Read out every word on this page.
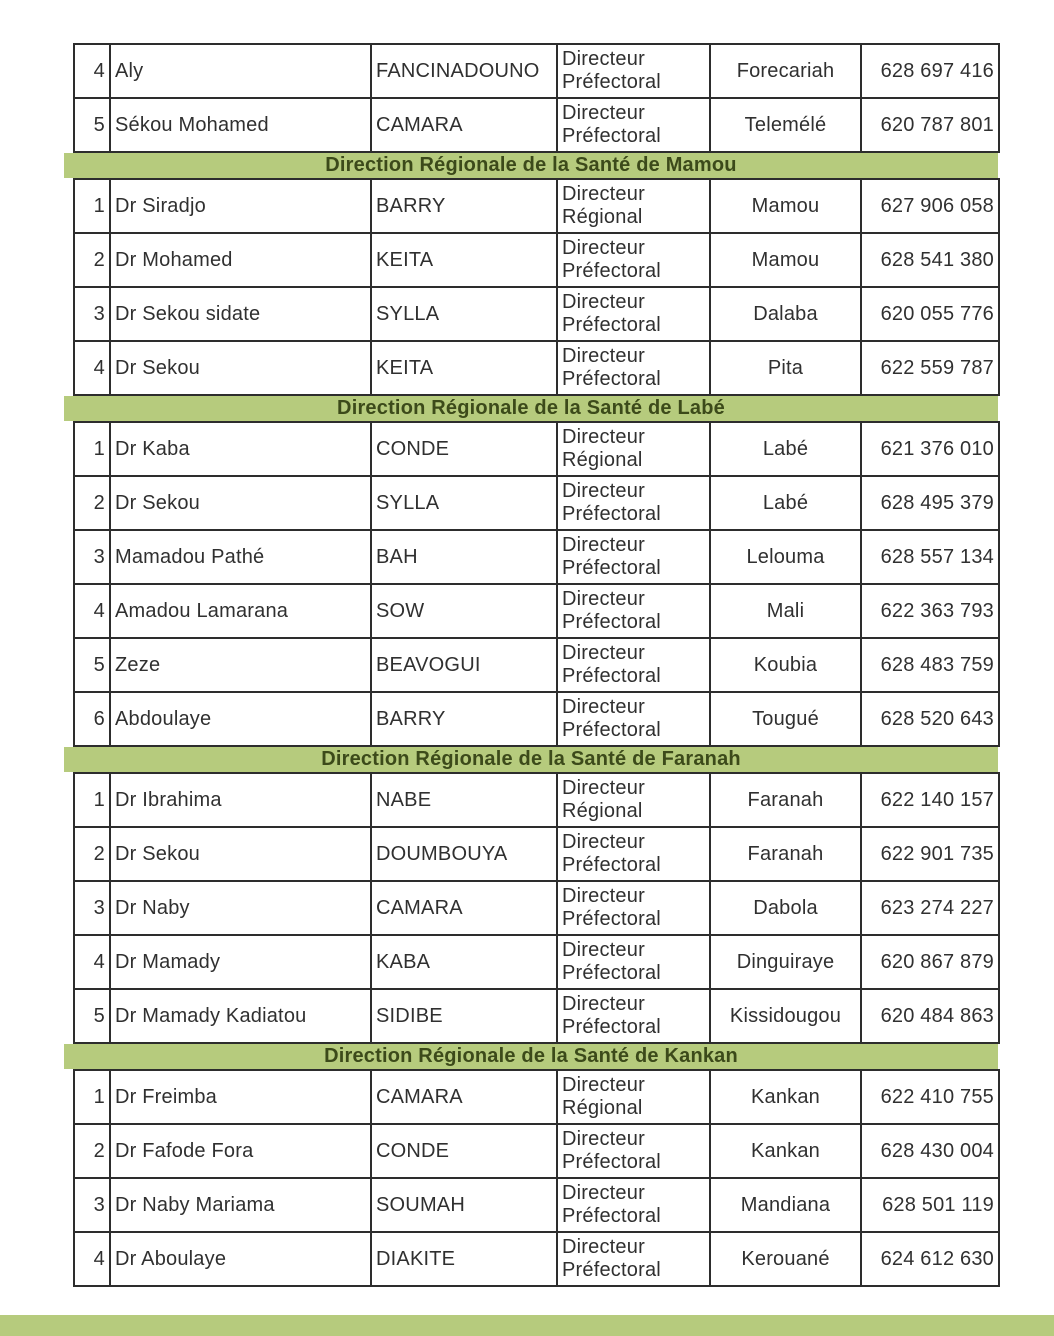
4	Aly	FANCINADOUNO	Directeur Préfectoral	Forecariah	628 697 416
5	Sékou Mohamed	CAMARA	Directeur Préfectoral	Telemélé	620 787 801
Direction Régionale de la Santé de Mamou
1	Dr Siradjo	BARRY	Directeur Régional	Mamou	627 906 058
2	Dr Mohamed	KEITA	Directeur Préfectoral	Mamou	628 541 380
3	Dr Sekou sidate	SYLLA	Directeur Préfectoral	Dalaba	620 055 776
4	Dr Sekou	KEITA	Directeur Préfectoral	Pita	622 559 787
Direction Régionale de la Santé de Labé
1	Dr Kaba	CONDE	Directeur Régional	Labé	621 376 010
2	Dr Sekou	SYLLA	Directeur Préfectoral	Labé	628 495 379
3	Mamadou Pathé	BAH	Directeur Préfectoral	Lelouma	628 557 134
4	Amadou Lamarana	SOW	Directeur Préfectoral	Mali	622 363 793
5	Zeze	BEAVOGUI	Directeur Préfectoral	Koubia	628 483 759
6	Abdoulaye	BARRY	Directeur Préfectoral	Tougué	628 520 643
Direction Régionale de la Santé de Faranah
1	Dr Ibrahima	NABE	Directeur Régional	Faranah	622 140 157
2	Dr Sekou	DOUMBOUYA	Directeur Préfectoral	Faranah	622 901 735
3	Dr Naby	CAMARA	Directeur Préfectoral	Dabola	623 274 227
4	Dr Mamady	KABA	Directeur Préfectoral	Dinguiraye	620 867 879
5	Dr Mamady Kadiatou	SIDIBE	Directeur Préfectoral	Kissidougou	620 484 863
Direction Régionale de la Santé de Kankan
1	Dr Freimba	CAMARA	Directeur Régional	Kankan	622 410 755
2	Dr Fafode Fora	CONDE	Directeur Préfectoral	Kankan	628 430 004
3	Dr Naby Mariama	SOUMAH	Directeur Préfectoral	Mandiana	628 501 119
4	Dr Aboulaye	DIAKITE	Directeur Préfectoral	Kerouané	624 612 630
